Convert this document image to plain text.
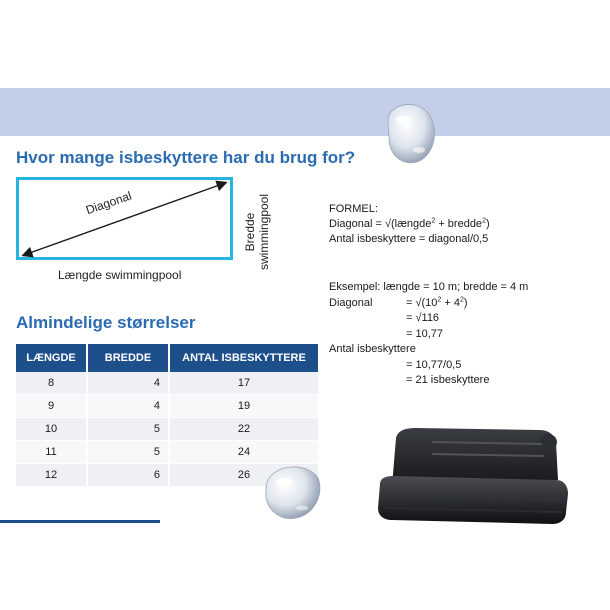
Hvor mange isbeskyttere har du brug for?
Diagonal
Bredde swimmingpool
Længde swimmingpool
FORMEL:
Diagonal = √(længde$^2$ + bredde$^2$)
Antal isbeskyttere = diagonal/0,5
Eksempel: længde = 10 m; bredde = 4 m
Diagonal	= $√(10^2 + 4^2)$
= √116
= 10,77
Antal isbeskyttere
= 10,77/0,5
= 21 isbeskyttere
Almindelige størrelser
LÆNGDE	BREDDE	ANTAL ISBESKYTTERE
8	4	17
9	4	19
10	5	22
11	5	24
12	6	26
